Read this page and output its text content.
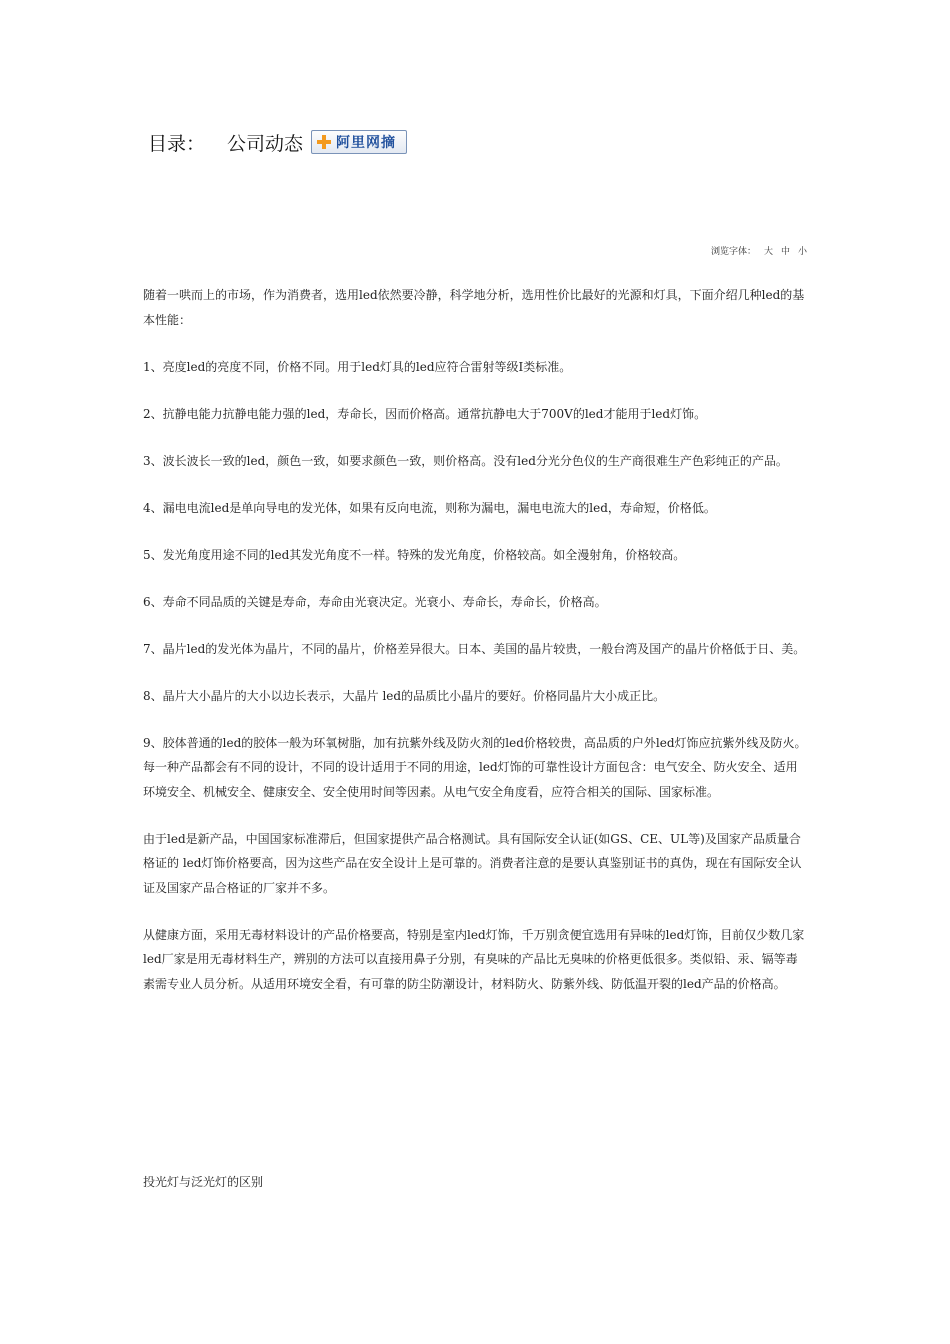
目录： 公司动态 阿里网摘
浏览字体： 大 中 小

随着一哄而上的市场，作为消费者，选用led依然要冷静，科学地分析，选用性价比最好的光源和灯具，下面介绍几种led的基本性能：

1、亮度led的亮度不同，价格不同。用于led灯具的led应符合雷射等级Ⅰ类标准。

2、抗静电能力抗静电能力强的led，寿命长，因而价格高。通常抗静电大于700V的led才能用于led灯饰。

3、波长波长一致的led，颜色一致，如要求颜色一致，则价格高。没有led分光分色仪的生产商很难生产色彩纯正的产品。

4、漏电电流led是单向导电的发光体，如果有反向电流，则称为漏电，漏电电流大的led，寿命短，价格低。

5、发光角度用途不同的led其发光角度不一样。特殊的发光角度，价格较高。如全漫射角，价格较高。

6、寿命不同品质的关键是寿命，寿命由光衰决定。光衰小、寿命长，寿命长，价格高。

7、晶片led的发光体为晶片，不同的晶片，价格差异很大。日本、美国的晶片较贵，一般台湾及国产的晶片价格低于日、美。

8、晶片大小晶片的大小以边长表示，大晶片 led的品质比小晶片的要好。价格同晶片大小成正比。

9、胶体普通的led的胶体一般为环氧树脂，加有抗紫外线及防火剂的led价格较贵，高品质的户外led灯饰应抗紫外线及防火。每一种产品都会有不同的设计，不同的设计适用于不同的用途，led灯饰的可靠性设计方面包含：电气安全、防火安全、适用环境安全、机械安全、健康安全、安全使用时间等因素。从电气安全角度看，应符合相关的国际、国家标准。

由于led是新产品，中国国家标准滞后，但国家提供产品合格测试。具有国际安全认证(如GS、CE、UL等)及国家产品质量合格证的 led灯饰价格要高，因为这些产品在安全设计上是可靠的。消费者注意的是要认真鉴别证书的真伪，现在有国际安全认证及国家产品合格证的厂家并不多。

从健康方面，采用无毒材料设计的产品价格要高，特别是室内led灯饰，千万别贪便宜选用有异味的led灯饰，目前仅少数几家 led厂家是用无毒材料生产，辨别的方法可以直接用鼻子分别，有臭味的产品比无臭味的价格更低很多。类似铅、汞、镉等毒素需专业人员分析。从适用环境安全看，有可靠的防尘防潮设计，材料防火、防紫外线、防低温开裂的led产品的价格高。

投光灯与泛光灯的区别
